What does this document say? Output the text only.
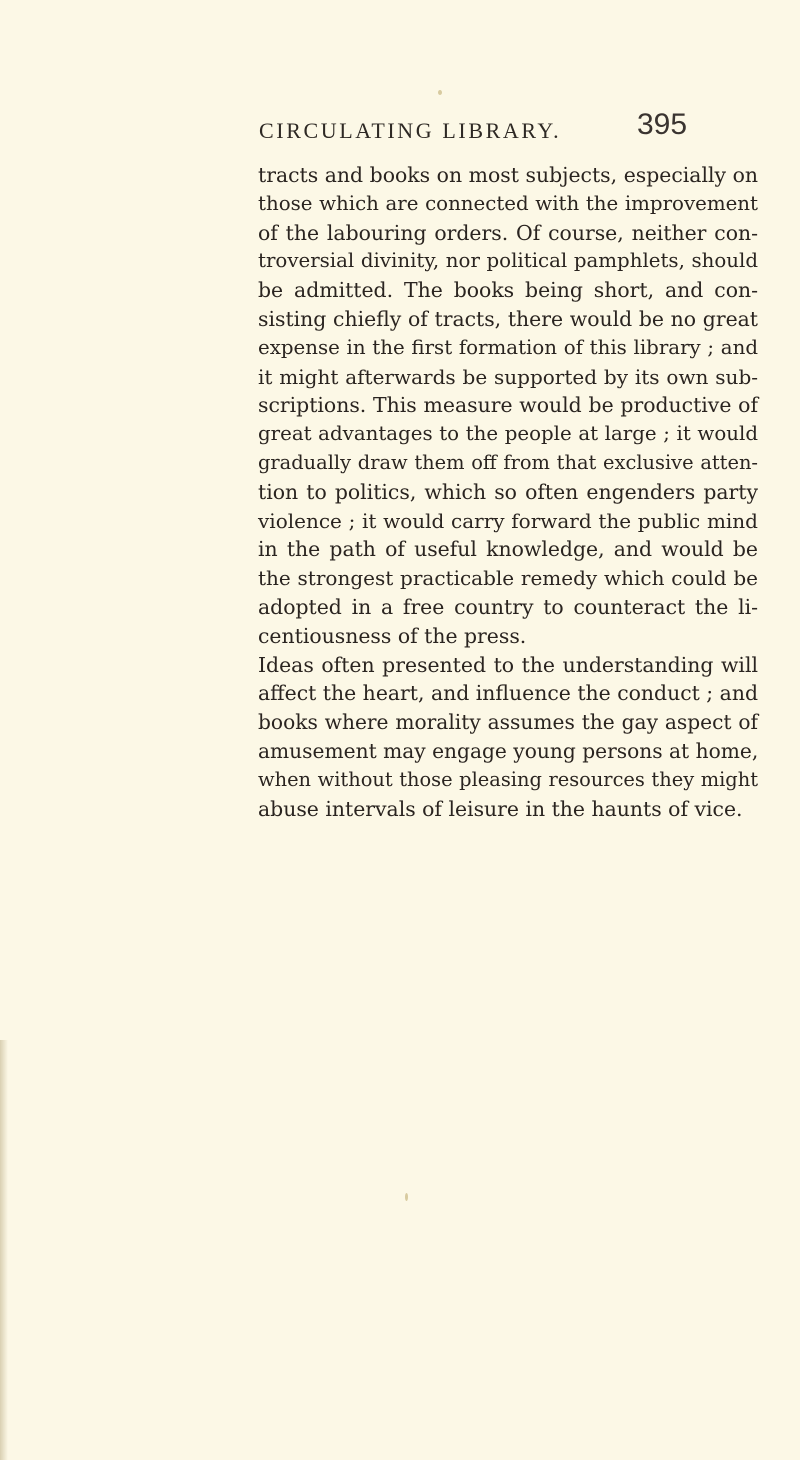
CIRCULATING LIBRARY.	395
tracts and books on most subjects, especially on
those which are connected with the improvement
of the labouring orders. Of course, neither con-
troversial divinity, nor political pamphlets, should
be admitted. The books being short, and con-
sisting chiefly of tracts, there would be no great
expense in the first formation of this library ; and
it might afterwards be supported by its own sub-
scriptions. This measure would be productive of
great advantages to the people at large ; it would
gradually draw them off from that exclusive atten-
tion to politics, which so often engenders party
violence ; it would carry forward the public mind
in the path of useful knowledge, and would be
the strongest practicable remedy which could be
adopted in a free country to counteract the li-
centiousness of the press.
Ideas often presented to the understanding will
affect the heart, and influence the conduct ; and
books where morality assumes the gay aspect of
amusement may engage young persons at home,
when without those pleasing resources they might
abuse intervals of leisure in the haunts of vice.
